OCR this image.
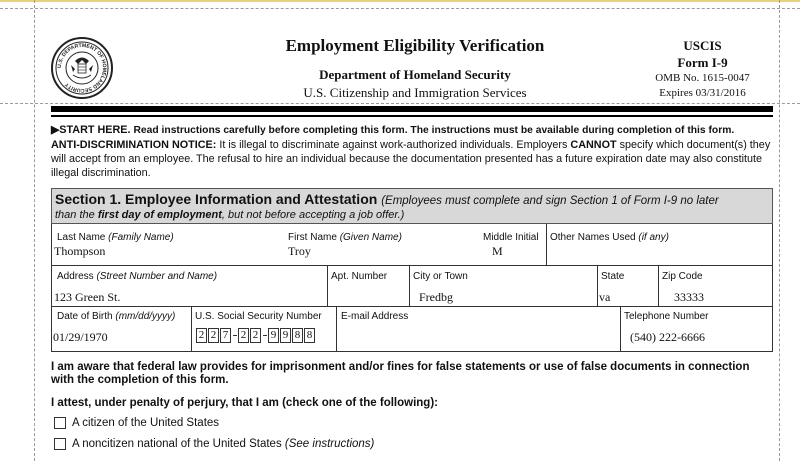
U.S. DEPARTMENT OF HOMELAND SECURITY
Employment Eligibility Verification
Department of Homeland Security
U.S. Citizenship and Immigration Services
USCIS
Form I-9
OMB No. 1615-0047
Expires 03/31/2016
▶START HERE. Read instructions carefully before completing this form. The instructions must be available during completion of this form.
ANTI-DISCRIMINATION NOTICE: It is illegal to discriminate against work-authorized individuals. Employers CANNOT specify which document(s) they will accept from an employee. The refusal to hire an individual because the documentation presented has a future expiration date may also constitute illegal discrimination.
Section 1. Employee Information and Attestation (Employees must complete and sign Section 1 of Form I-9 no later
than the first day of employment, but not before accepting a job offer.)
Last Name (Family Name)
Thompson
First Name (Given Name)
Troy
Middle Initial
M
Other Names Used (if any)
Address (Street Number and Name)
123 Green St.
Apt. Number	City or Town
Fredbg
State
va
Zip Code
33333
Date of Birth (mm/dd/yyyy)
01/29/1970
U.S. Social Security Number
2 2 7 2 2 9 9 8 8
E-mail Address	Telephone Number
(540) 222-6666
I am aware that federal law provides for imprisonment and/or fines for false statements or use of false documents in connection with the completion of this form.
I attest, under penalty of perjury, that I am (check one of the following):
A citizen of the United States
A noncitizen national of the United States (See instructions)
